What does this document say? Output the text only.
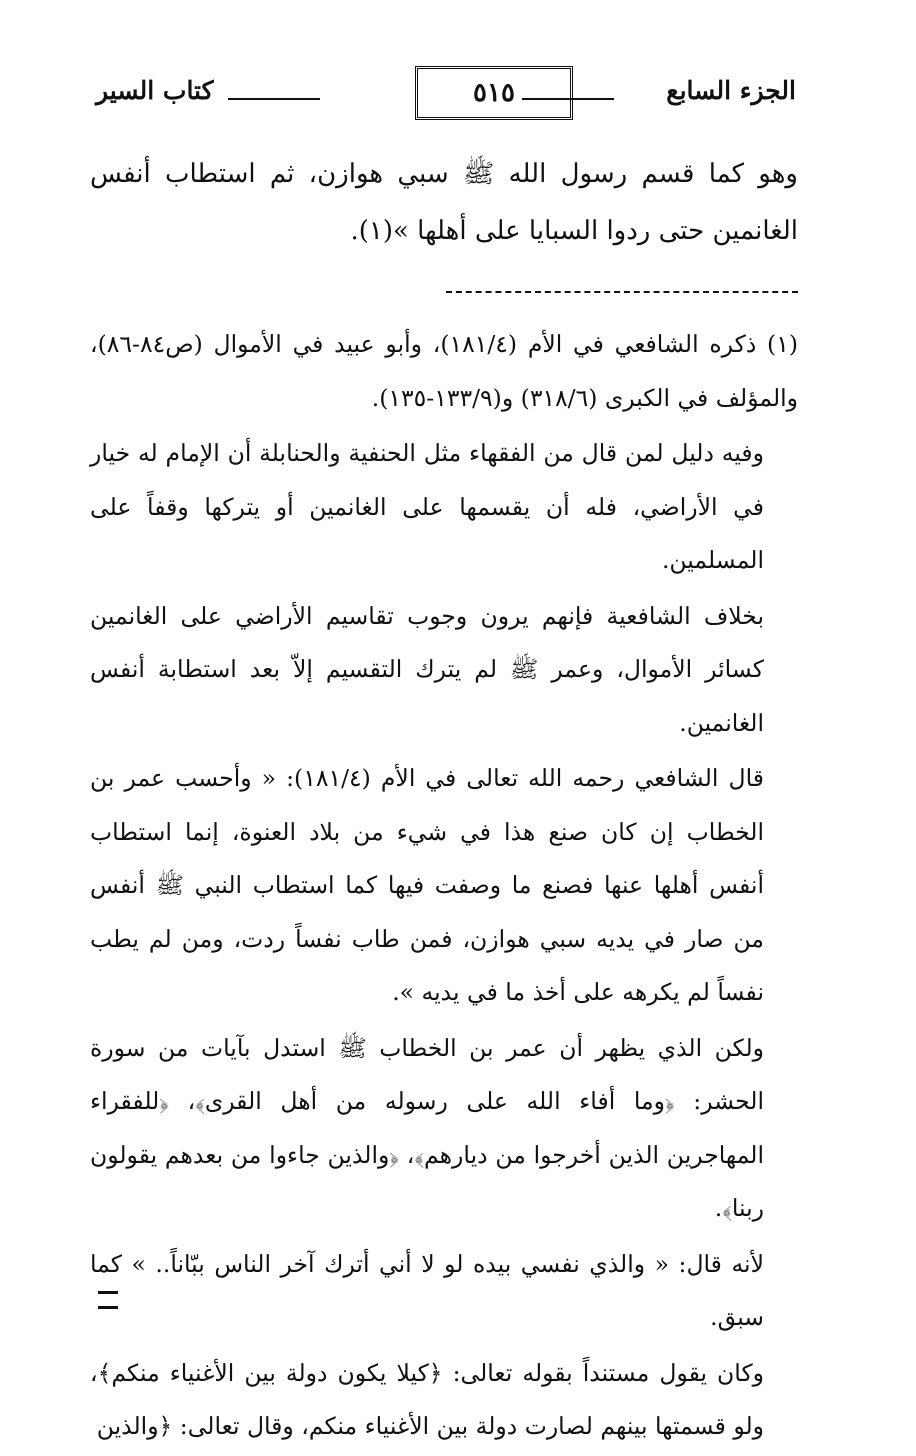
الجزء السابع
٥١٥
كتاب السير

وهو كما قسم رسول الله ﷺ سبي هوازن، ثم استطاب أنفس الغانمين حتى ردوا السبايا على أهلها »(١).

(١) ذكره الشافعي في الأم (١٨١/٤)، وأبو عبيد في الأموال (ص٨٤-٨٦)، والمؤلف في الكبرى (٣١٨/٦) و(١٣٣/٩-١٣٥).

وفيه دليل لمن قال من الفقهاء مثل الحنفية والحنابلة أن الإمام له خيار في الأراضي، فله أن يقسمها على الغانمين أو يتركها وقفاً على المسلمين.

بخلاف الشافعية فإنهم يرون وجوب تقاسيم الأراضي على الغانمين كسائر الأموال، وعمر ﷺ لم يترك التقسيم إلاّ بعد استطابة أنفس الغانمين.

قال الشافعي رحمه الله تعالى في الأم (١٨١/٤): « وأحسب عمر بن الخطاب إن كان صنع هذا في شيء من بلاد العنوة، إنما استطاب أنفس أهلها عنها فصنع ما وصفت فيها كما استطاب النبي ﷺ أنفس من صار في يديه سبي هوازن، فمن طاب نفساً ردت، ومن لم يطب نفساً لم يكرهه على أخذ ما في يديه ».

ولكن الذي يظهر أن عمر بن الخطاب ﷺ استدل بآيات من سورة الحشر: ﴿وما أفاء الله على رسوله من أهل القرى﴾، ﴿للفقراء المهاجرين الذين أخرجوا من ديارهم﴾، ﴿والذين جاءوا من بعدهم يقولون ربنا﴾.

لأنه قال: « والذي نفسي بيده لو لا أني أترك آخر الناس ببّاناً.. » كما سبق.

وكان يقول مستنداً بقوله تعالى: ﴿كيلا يكون دولة بين الأغنياء منكم﴾، ولو قسمتها بينهم لصارت دولة بين الأغنياء منكم، وقال تعالى: ﴿والذين
